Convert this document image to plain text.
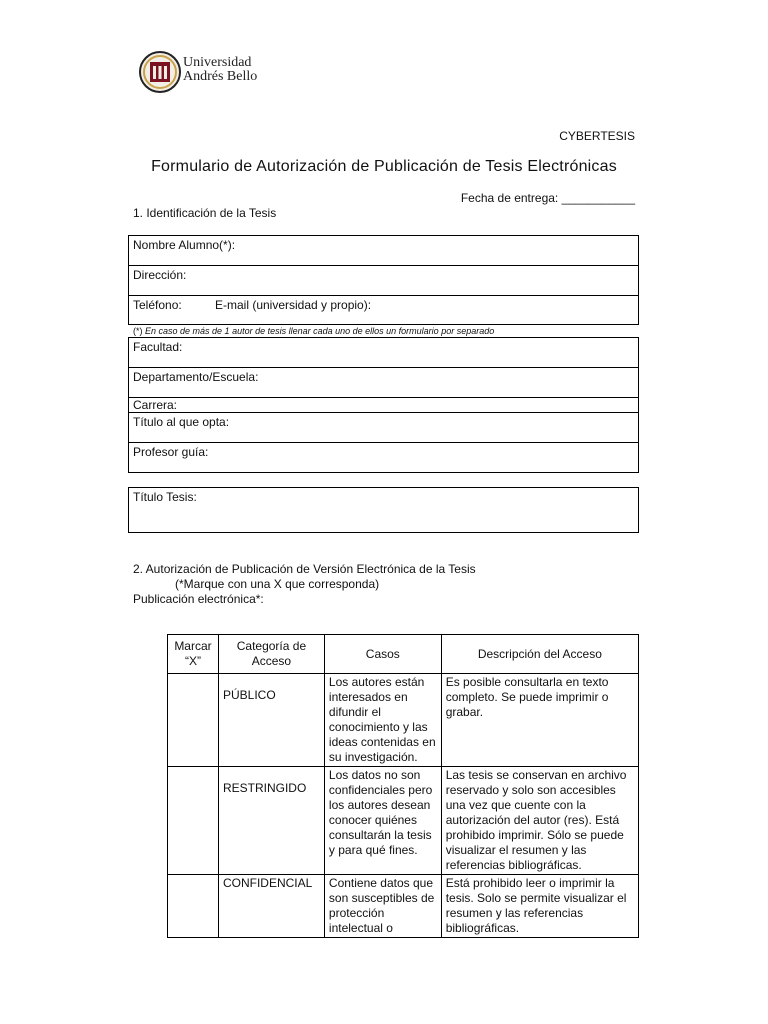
Universidad
Andrés Bello
CYBERTESIS
Formulario de Autorización de Publicación de Tesis Electrónicas
Fecha de entrega: ___________
1. Identificación de la Tesis
Nombre Alumno(*):
Dirección:
Teléfono:	E-mail (universidad y propio):
(*) En caso de más de 1 autor de tesis llenar cada uno de ellos un formulario por separado
Facultad:
Departamento/Escuela:
Carrera:
Título al que opta:
Profesor guía:
Título Tesis:
2. Autorización de Publicación de Versión Electrónica de la Tesis
(*Marque con una X que corresponda)
Publicación electrónica*:
Marcar “X”	Categoría de Acceso	Casos	Descripción del Acceso
	PÚBLICO	Los autores están interesados en difundir el conocimiento y las ideas contenidas en su investigación.	Es posible consultarla en texto completo. Se puede imprimir o grabar.
	RESTRINGIDO	Los datos no son confidenciales pero los autores desean conocer quiénes consultarán la tesis y para qué fines.	Las tesis se conservan en archivo reservado y solo son accesibles una vez que cuente con la autorización del autor (res). Está prohibido imprimir. Sólo se puede visualizar el resumen y las referencias bibliográficas.
	CONFIDENCIAL	Contiene datos que son susceptibles de protección intelectual o	Está prohibido leer o imprimir la tesis. Solo se permite visualizar el resumen y las referencias bibliográficas.
